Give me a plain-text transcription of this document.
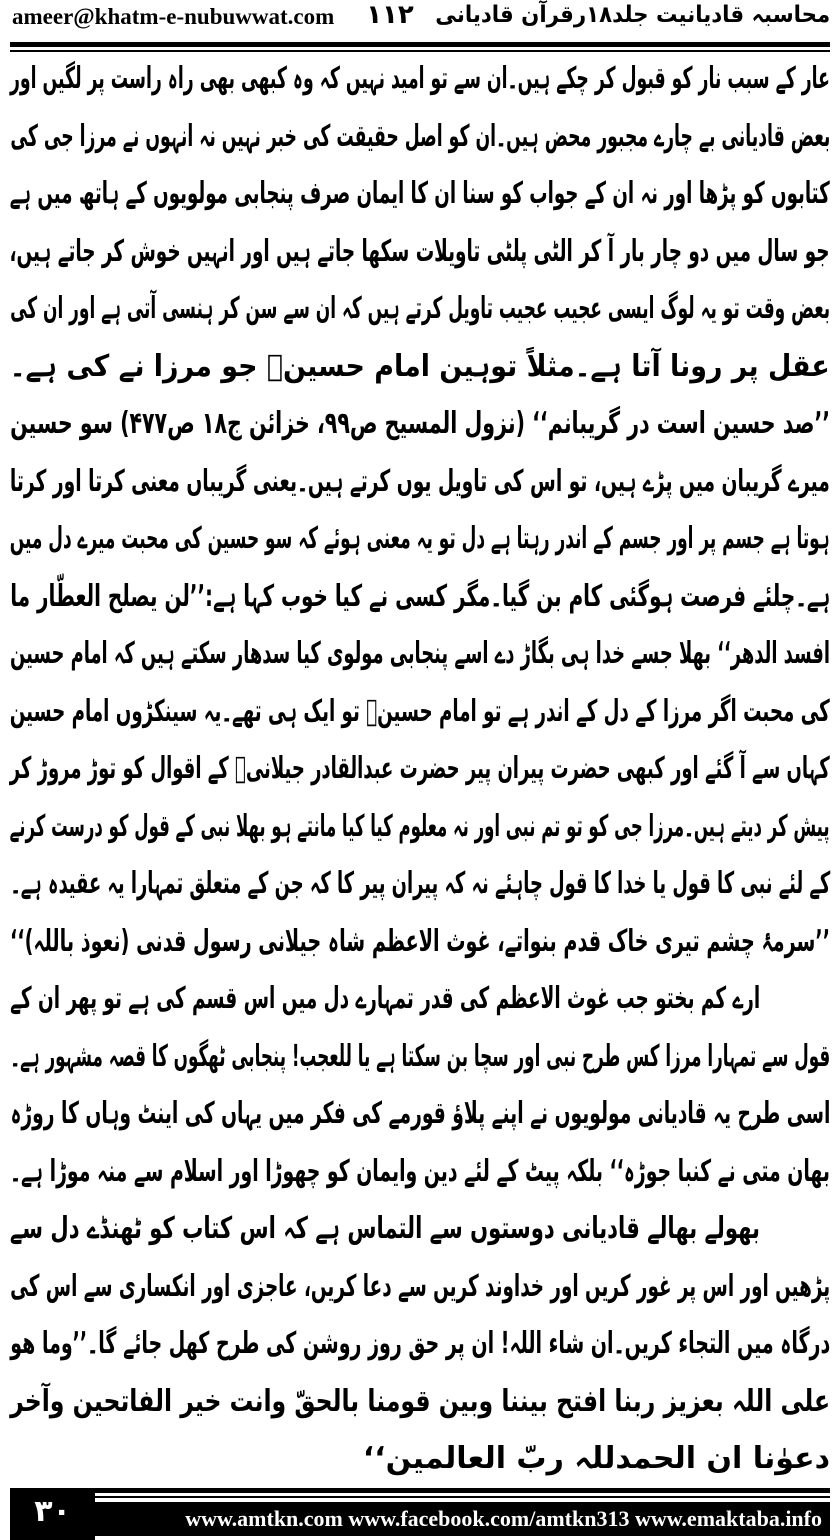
ameer@khatm-e-nubuwwat.com ۱۱۲ محاسبہ قادیانیت جلد۱۸رقرآن قادیانی
عار کے سبب نار کو قبول کر چکے ہیں۔ان سے تو امید نہیں کہ وہ کبھی بھی راہ راست پر لگیں اور
بعض قادیانی بے چارے مجبور محض ہیں۔ان کو اصل حقیقت کی خبر نہیں نہ انہوں نے مرزا جی کی
کتابوں کو پڑھا اور نہ ان کے جواب کو سنا ان کا ایمان صرف پنجابی مولویوں کے ہاتھ میں ہے
جو سال میں دو چار بار آ کر الٹی پلٹی تاویلات سکھا جاتے ہیں اور انہیں خوش کر جاتے ہیں،
بعض وقت تو یہ لوگ ایسی عجیب عجیب تاویل کرتے ہیں کہ ان سے سن کر ہنسی آتی ہے اور ان کی
عقل پر رونا آتا ہے۔مثلاً توہین امام حسینؓ جو مرزا نے کی ہے۔
’’صد حسین است در گریبانم‘‘ (نزول المسیح ص۹۹، خزائن ج۱۸ ص۴۷۷) سو حسین
میرے گریبان میں پڑے ہیں، تو اس کی تاویل یوں کرتے ہیں۔یعنی گریباں معنی کرتا اور کرتا
ہوتا ہے جسم پر اور جسم کے اندر رہتا ہے دل تو یہ معنی ہوئے کہ سو حسین کی محبت میرے دل میں
ہے۔چلئے فرصت ہوگئی کام بن گیا۔مگر کسی نے کیا خوب کہا ہے:’’لن یصلح العطّار ما
افسد الدھر‘‘ بھلا جسے خدا ہی بگاڑ دے اسے پنجابی مولوی کیا سدھار سکتے ہیں کہ امام حسین
کی محبت اگر مرزا کے دل کے اندر ہے تو امام حسینؓ تو ایک ہی تھے۔یہ سینکڑوں امام حسین
کہاں سے آ گئے اور کبھی حضرت پیران پیر حضرت عبدالقادر جیلانیؒ کے اقوال کو توڑ مروڑ کر
پیش کر دیتے ہیں۔مرزا جی کو تو تم نبی اور نہ معلوم کیا کیا مانتے ہو بھلا نبی کے قول کو درست کرنے
کے لئے نبی کا قول یا خدا کا قول چاہئے نہ کہ پیران پیر کا کہ جن کے متعلق تمہارا یہ عقیدہ ہے۔
’’سرمۂ چشم تیری خاک قدم بنواتے، غوث الاعظم شاہ جیلانی رسول قدنی (نعوذ باللہ)‘‘
ارے کم بختو جب غوث الاعظم کی قدر تمہارے دل میں اس قسم کی ہے تو پھر ان کے
قول سے تمہارا مرزا کس طرح نبی اور سچا بن سکتا ہے یا للعجب! پنجابی ٹھگوں کا قصہ مشہور ہے۔
اسی طرح یہ قادیانی مولویوں نے اپنے پلاؤ قورمے کی فکر میں یہاں کی اینٹ وہاں کا روڑہ
بھان متی نے کنبا جوڑہ‘‘ بلکہ پیٹ کے لئے دین وایمان کو چھوڑا اور اسلام سے منہ موڑا ہے۔
بھولے بھالے قادیانی دوستوں سے التماس ہے کہ اس کتاب کو ٹھنڈے دل سے
پڑھیں اور اس پر غور کریں اور خداوند کریں سے دعا کریں، عاجزی اور انکساری سے اس کی
درگاہ میں التجاء کریں۔ان شاء اللہ! ان پر حق روز روشن کی طرح کھل جائے گا۔’’وما ھو
علی اللہ بعزیز ربنا افتح بیننا وبین قومنا بالحقّ وانت خیر الفاتحین وآخر
دعوٰنا ان الحمدللہ ربّ العالمین‘‘
۳۰	www.amtkn.com www.facebook.com/amtkn313 www.emaktaba.info
